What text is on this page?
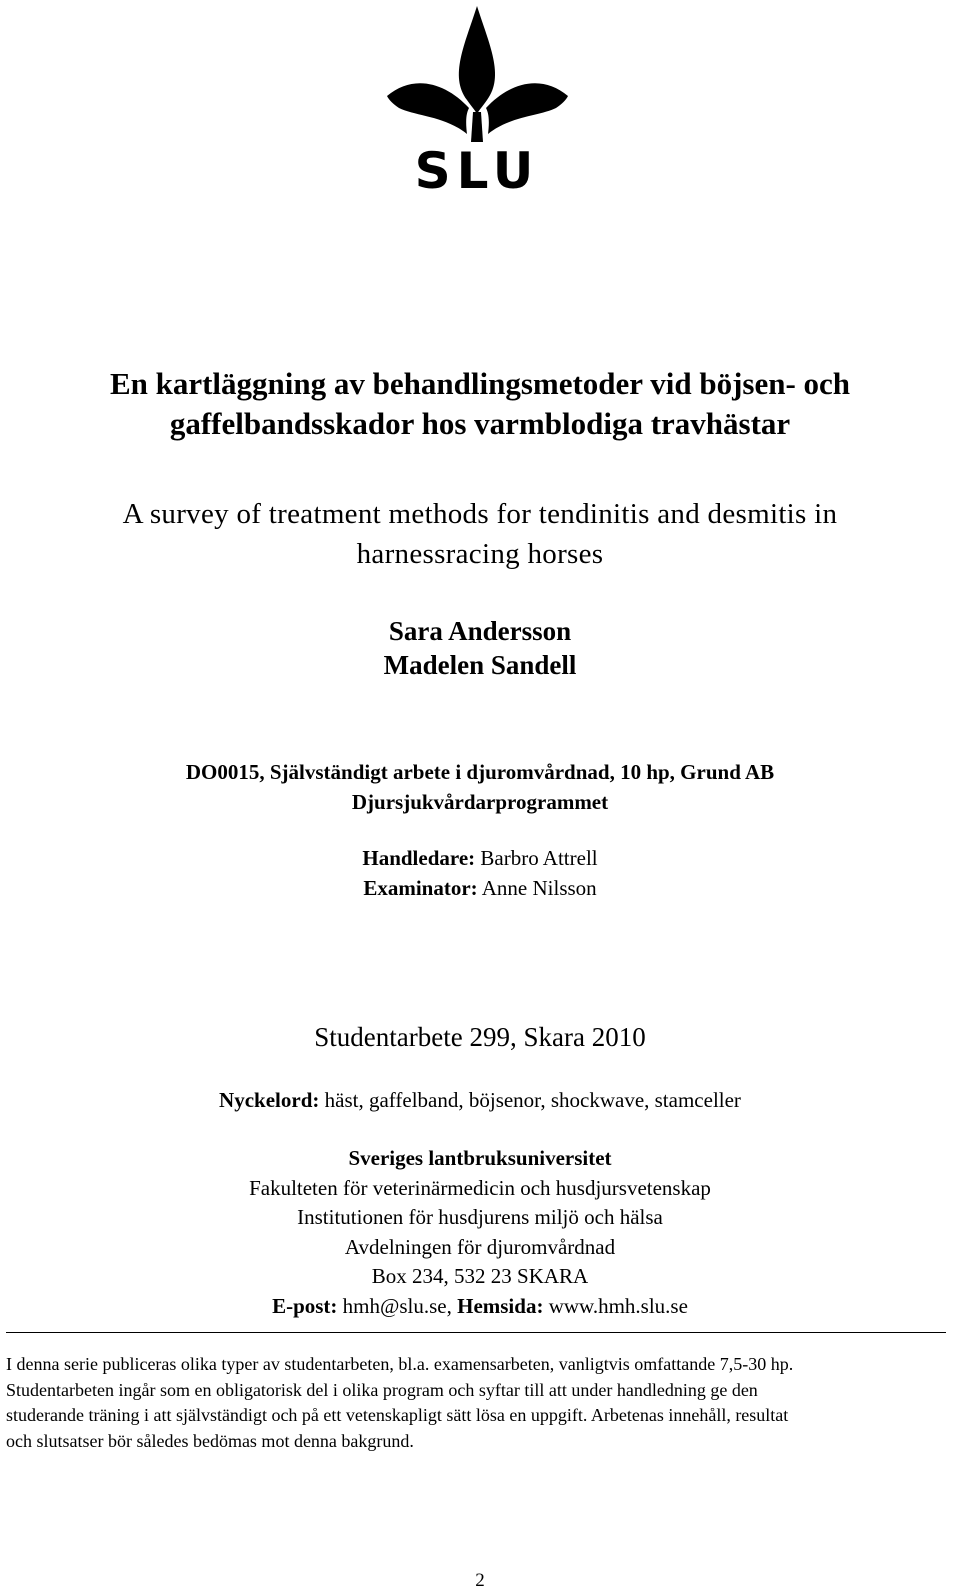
SLU
En kartläggning av behandlingsmetoder vid böjsen- och
gaffelbandsskador hos varmblodiga travhästar
A survey of treatment methods for tendinitis and desmitis in
harnessracing horses
Sara Andersson
Madelen Sandell
DO0015, Självständigt arbete i djuromvårdnad, 10 hp, Grund AB
Djursjukvårdarprogrammet
Handledare: Barbro Attrell
Examinator: Anne Nilsson
Studentarbete 299, Skara 2010
Nyckelord: häst, gaffelband, böjsenor, shockwave, stamceller
Sveriges lantbruksuniversitet
Fakulteten för veterinärmedicin och husdjursvetenskap
Institutionen för husdjurens miljö och hälsa
Avdelningen för djuromvårdnad
Box 234, 532 23 SKARA
E-post: hmh@slu.se, Hemsida: www.hmh.slu.se
I denna serie publiceras olika typer av studentarbeten, bl.a. examensarbeten, vanligtvis omfattande 7,5-30 hp.
Studentarbeten ingår som en obligatorisk del i olika program och syftar till att under handledning ge den
studerande träning i att självständigt och på ett vetenskapligt sätt lösa en uppgift. Arbetenas innehåll, resultat
och slutsatser bör således bedömas mot denna bakgrund.
2
